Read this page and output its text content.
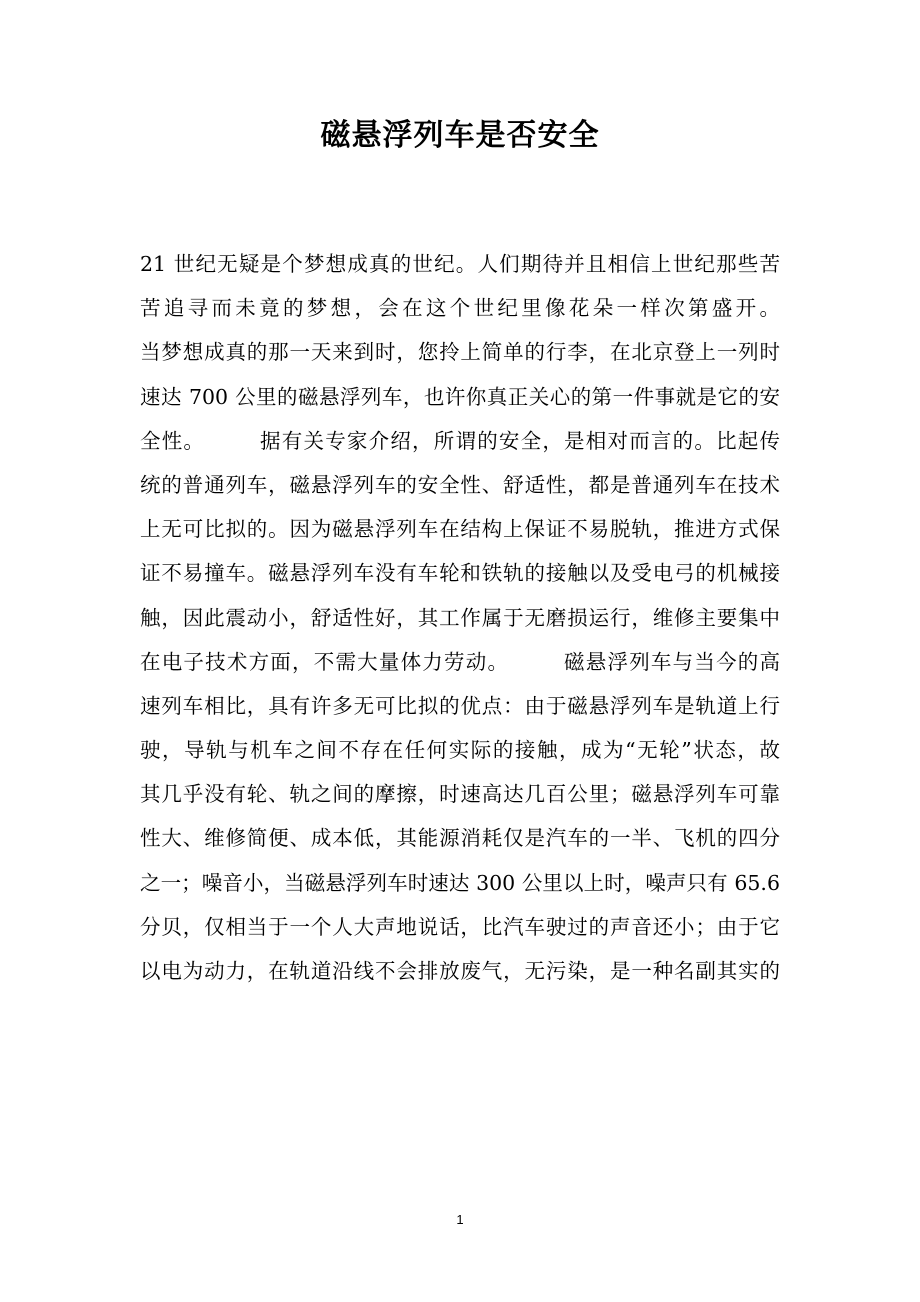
磁悬浮列车是否安全
21 世纪无疑是个梦想成真的世纪。人们期待并且相信上世纪那些苦
苦追寻而未竟的梦想，会在这个世纪里像花朵一样次第盛开。
当梦想成真的那一天来到时，您拎上简单的行李，在北京登上一列时
速达 700 公里的磁悬浮列车，也许你真正关心的第一件事就是它的安
全性。　　　据有关专家介绍，所谓的安全，是相对而言的。比起传
统的普通列车，磁悬浮列车的安全性、舒适性，都是普通列车在技术
上无可比拟的。因为磁悬浮列车在结构上保证不易脱轨，推进方式保
证不易撞车。磁悬浮列车没有车轮和铁轨的接触以及受电弓的机械接
触，因此震动小，舒适性好，其工作属于无磨损运行，维修主要集中
在电子技术方面，不需大量体力劳动。　　　磁悬浮列车与当今的高
速列车相比，具有许多无可比拟的优点：由于磁悬浮列车是轨道上行
驶，导轨与机车之间不存在任何实际的接触，成为“无轮”状态，故
其几乎没有轮、轨之间的摩擦，时速高达几百公里；磁悬浮列车可靠
性大、维修简便、成本低，其能源消耗仅是汽车的一半、飞机的四分
之一；噪音小，当磁悬浮列车时速达 300 公里以上时，噪声只有 65.6
分贝，仅相当于一个人大声地说话，比汽车驶过的声音还小；由于它
以电为动力，在轨道沿线不会排放废气，无污染，是一种名副其实的
1
